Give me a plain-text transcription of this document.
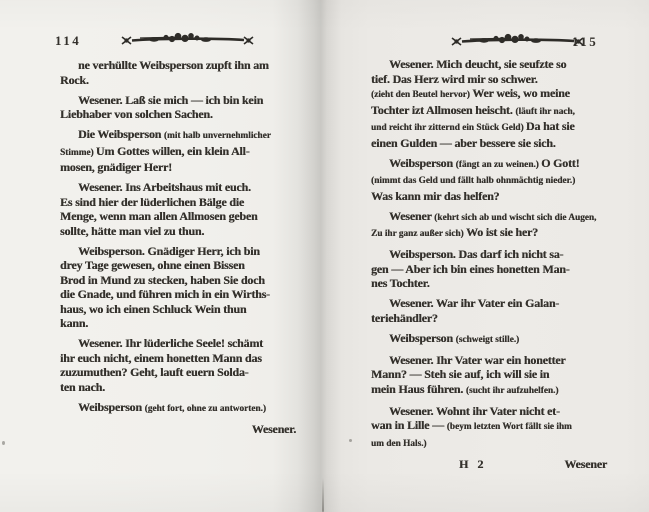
114	115
ne verhüllte Weibsperson zupft ihn am
Rock.
Wesener. Laß sie mich — ich bin kein
Liebhaber von solchen Sachen.
Die Weibsperson (mit halb unvernehmlicher
Stimme) Um Gottes willen, ein klein All-
mosen, gnädiger Herr!
Wesener. Ins Arbeitshaus mit euch.
Es sind hier der lüderlichen Bälge die
Menge, wenn man allen Allmosen geben
sollte, hätte man viel zu thun.
Weibsperson. Gnädiger Herr, ich bin
drey Tage gewesen, ohne einen Bissen
Brod in Mund zu stecken, haben Sie doch
die Gnade, und führen mich in ein Wirths-
haus, wo ich einen Schluck Wein thun
kann.
Wesener. Ihr lüderliche Seele! schämt
ihr euch nicht, einem honetten Mann das
zuzumuthen? Geht, lauft euern Solda-
ten nach.
Weibsperson (geht fort, ohne zu antworten.)
Wesener.
Wesener. Mich deucht, sie seufzte so
tief. Das Herz wird mir so schwer.
(zieht den Beutel hervor) Wer weis, wo meine
Tochter izt Allmosen heischt. (läuft ihr nach,
und reicht ihr zitternd ein Stück Geld) Da hat sie
einen Gulden — aber bessere sie sich.
Weibsperson (fängt an zu weinen.) O Gott!
(nimmt das Geld und fällt halb ohnmächtig nieder.)
Was kann mir das helfen?
Wesener (kehrt sich ab und wischt sich die Augen,
Zu ihr ganz außer sich) Wo ist sie her?
Weibsperson. Das darf ich nicht sa-
gen — Aber ich bin eines honetten Man-
nes Tochter.
Wesener. War ihr Vater ein Galan-
teriehändler?
Weibsperson (schweigt stille.)
Wesener. Ihr Vater war ein honetter
Mann? — Steh sie auf, ich will sie in
mein Haus führen. (sucht ihr aufzuhelfen.)
Wesener. Wohnt ihr Vater nicht et-
wan in Lille — (beym letzten Wort fällt sie ihm
um den Hals.)
H 2	Wesener
